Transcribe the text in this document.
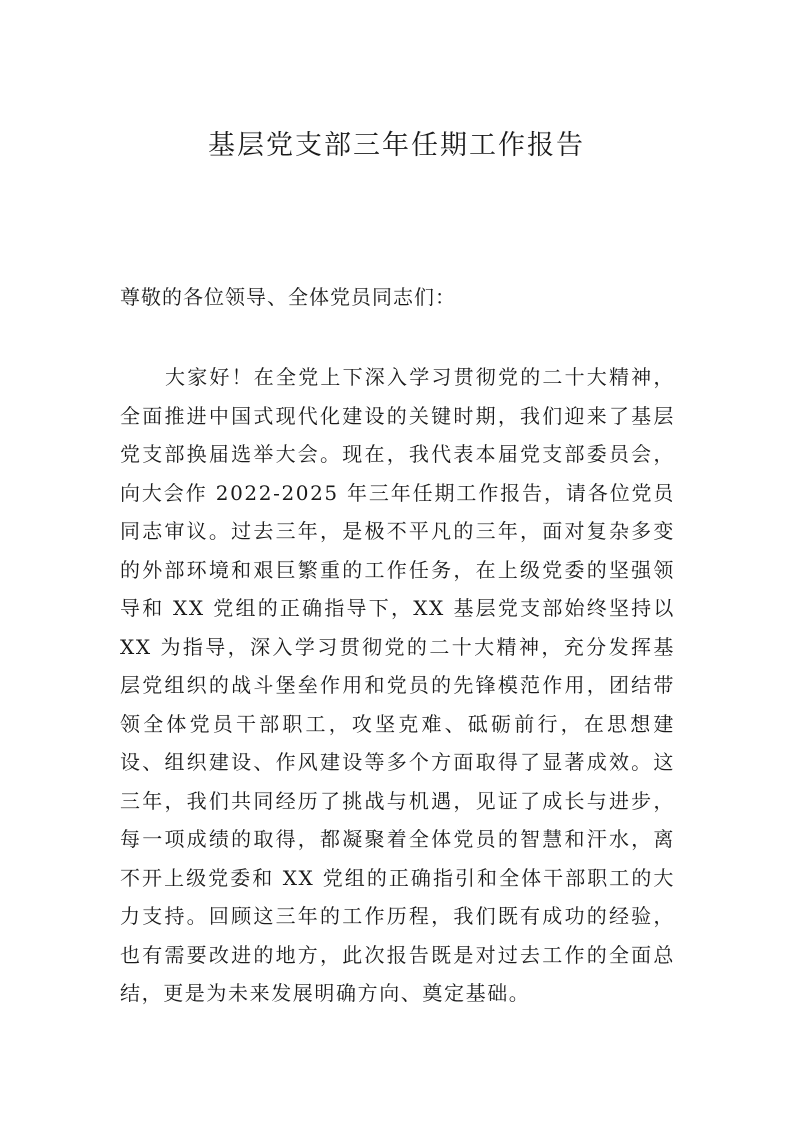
基层党支部三年任期工作报告

尊敬的各位领导、全体党员同志们：

大家好！在全党上下深入学习贯彻党的二十大精神，全面推进中国式现代化建设的关键时期，我们迎来了基层党支部换届选举大会。现在，我代表本届党支部委员会，向大会作 2022-2025 年三年任期工作报告，请各位党员同志审议。过去三年，是极不平凡的三年，面对复杂多变的外部环境和艰巨繁重的工作任务，在上级党委的坚强领导和 XX 党组的正确指导下，XX 基层党支部始终坚持以 XX 为指导，深入学习贯彻党的二十大精神，充分发挥基层党组织的战斗堡垒作用和党员的先锋模范作用，团结带领全体党员干部职工，攻坚克难、砥砺前行，在思想建设、组织建设、作风建设等多个方面取得了显著成效。这三年，我们共同经历了挑战与机遇，见证了成长与进步，每一项成绩的取得，都凝聚着全体党员的智慧和汗水，离不开上级党委和 XX 党组的正确指引和全体干部职工的大力支持。回顾这三年的工作历程，我们既有成功的经验，也有需要改进的地方，此次报告既是对过去工作的全面总结，更是为未来发展明确方向、奠定基础。
